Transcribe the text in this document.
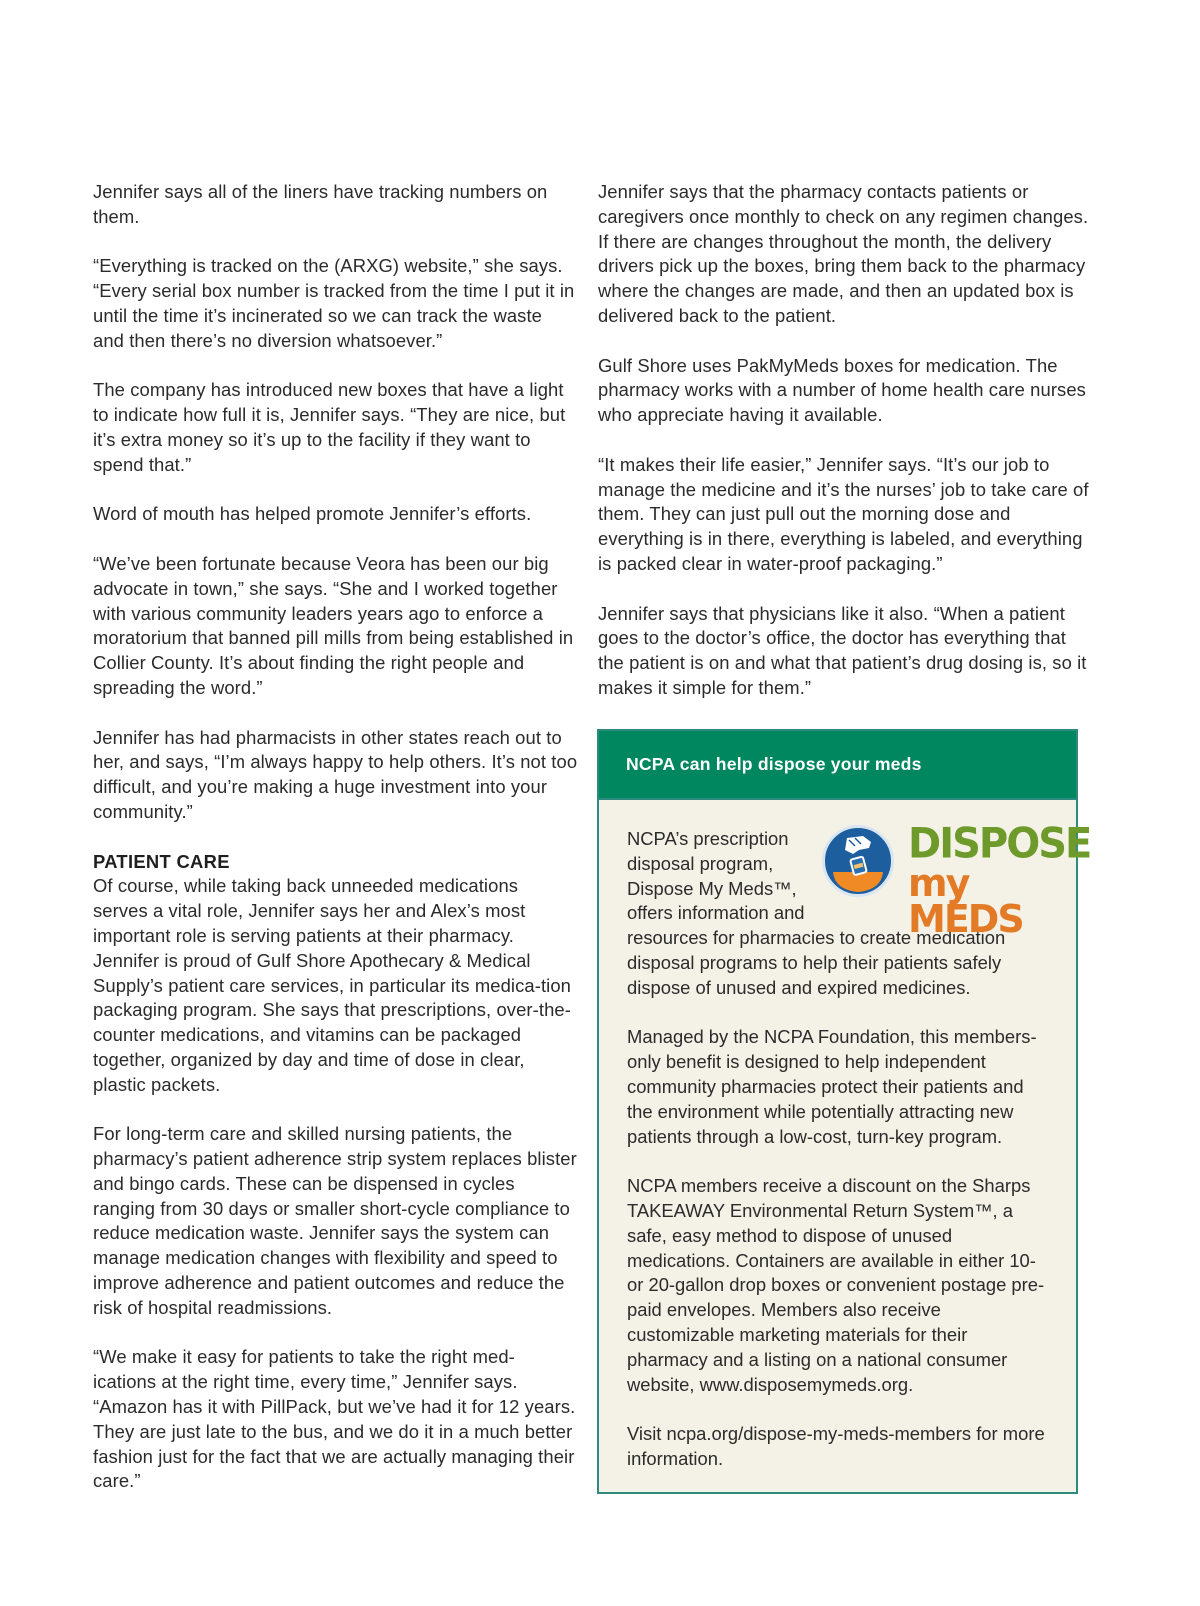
Jennifer says all of the liners have tracking numbers on them.

“Everything is tracked on the (ARXG) website,” she says. “Every serial box number is tracked from the time I put it in until the time it’s incinerated so we can track the waste and then there’s no diversion whatsoever.”

The company has introduced new boxes that have a light to indicate how full it is, Jennifer says. “They are nice, but it’s extra money so it’s up to the facility if they want to spend that.”

Word of mouth has helped promote Jennifer’s efforts.

“We’ve been fortunate because Veora has been our big advocate in town,” she says. “She and I worked together with various community leaders years ago to enforce a moratorium that banned pill mills from being established in Collier County. It’s about finding the right people and spreading the word.”

Jennifer has had pharmacists in other states reach out to her, and says, “I’m always happy to help others. It’s not too difficult, and you’re making a huge investment into your community.”

PATIENT CARE

Of course, while taking back unneeded medications serves a vital role, Jennifer says her and Alex’s most important role is serving patients at their pharmacy. Jennifer is proud of Gulf Shore Apothecary & Medical Supply’s patient care services, in particular its medica-tion packaging program. She says that prescriptions, over-the-counter medications, and vitamins can be packaged together, organized by day and time of dose in clear, plastic packets.

For long-term care and skilled nursing patients, the pharmacy’s patient adherence strip system replaces blister and bingo cards. These can be dispensed in cycles ranging from 30 days or smaller short-cycle compliance to reduce medication waste. Jennifer says the system can manage medication changes with flexibility and speed to improve adherence and patient outcomes and reduce the risk of hospital readmissions.

“We make it easy for patients to take the right med-ications at the right time, every time,” Jennifer says. “Amazon has it with PillPack, but we’ve had it for 12 years. They are just late to the bus, and we do it in a much better fashion just for the fact that we are actually managing their care.”

Jennifer says that the pharmacy contacts patients or caregivers once monthly to check on any regimen changes. If there are changes throughout the month, the delivery drivers pick up the boxes, bring them back to the pharmacy where the changes are made, and then an updated box is delivered back to the patient.

Gulf Shore uses PakMyMeds boxes for medication. The pharmacy works with a number of home health care nurses who appreciate having it available.

“It makes their life easier,” Jennifer says. “It’s our job to manage the medicine and it’s the nurses’ job to take care of them. They can just pull out the morning dose and everything is in there, everything is labeled, and everything is packed clear in water-proof packaging.”

Jennifer says that physicians like it also. “When a patient goes to the doctor’s office, the doctor has everything that the patient is on and what that patient’s drug dosing is, so it makes it simple for them.”

NCPA can help dispose your meds
DISPOSE
my MEDS

NCPA’s prescription disposal program, Dispose My Meds™, offers information and resources for pharmacies to create medication disposal programs to help their patients safely dispose of unused and expired medicines.

Managed by the NCPA Foundation, this members-only benefit is designed to help independent community pharmacies protect their patients and the environment while potentially attracting new patients through a low-cost, turn-key program.

NCPA members receive a discount on the Sharps TAKEAWAY Environmental Return System™, a safe, easy method to dispose of unused medications. Containers are available in either 10- or 20-gallon drop boxes or convenient postage pre-paid envelopes. Members also receive customizable marketing materials for their pharmacy and a listing on a national consumer website, www.disposemymeds.org.

Visit ncpa.org/dispose-my-meds-members for more information.
